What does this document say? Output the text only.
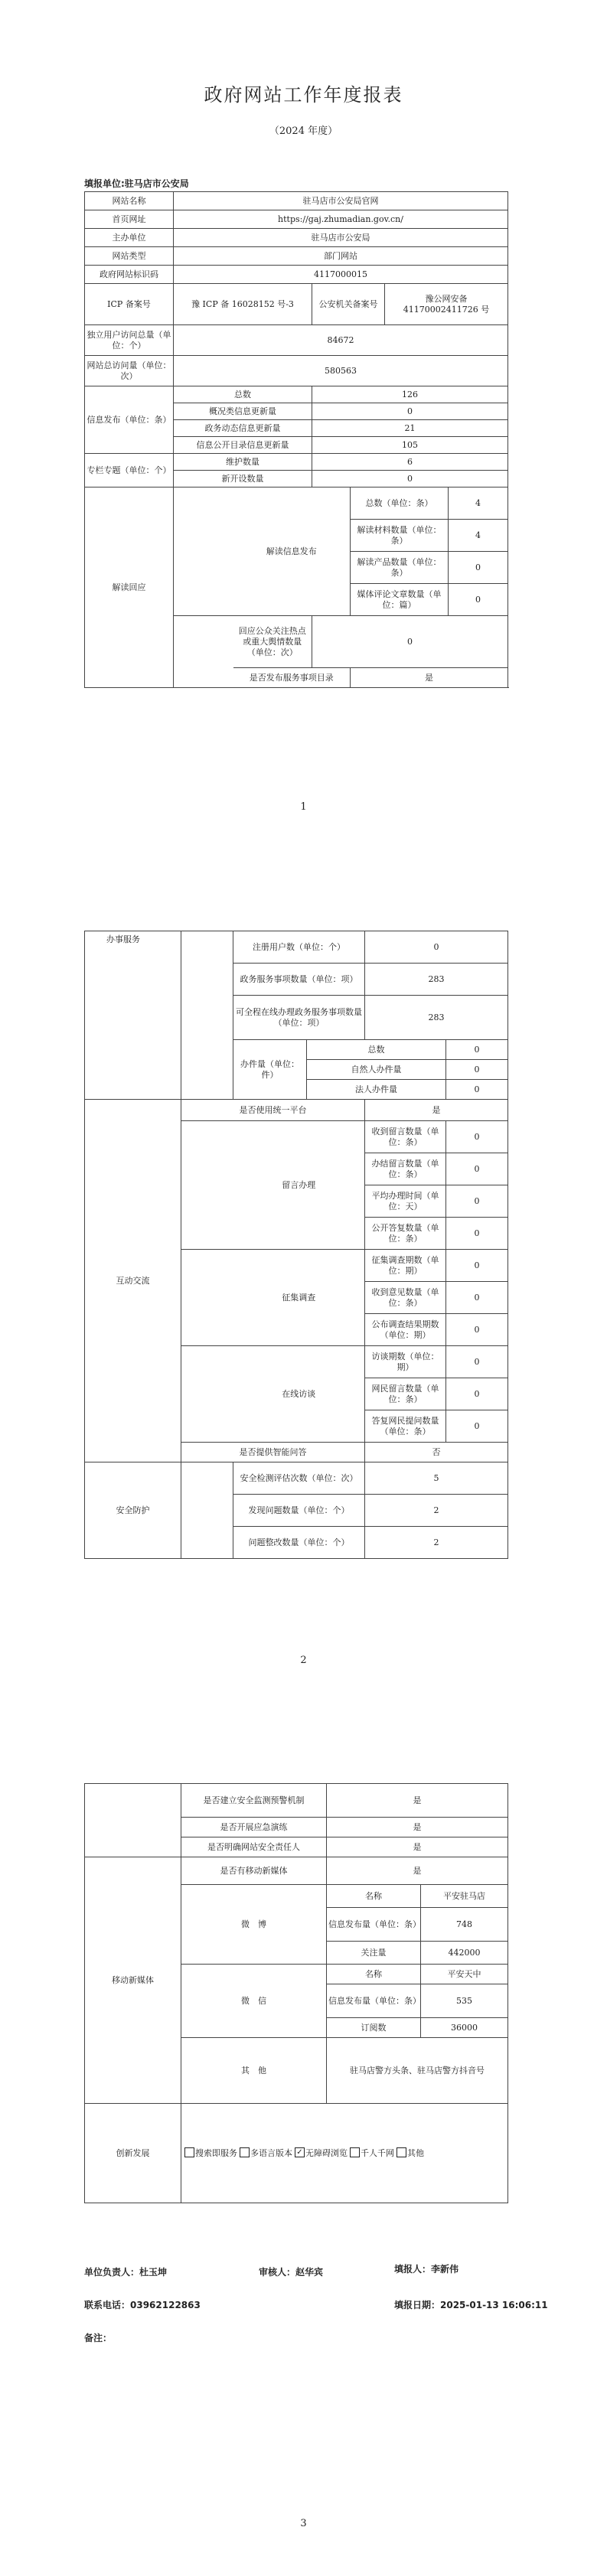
政府网站工作年度报表
（2024 年度）
填报单位:驻马店市公安局
网站名称	驻马店市公安局官网					
首页网址	https://gaj.zhumadian.gov.cn/					
主办单位	驻马店市公安局					
网站类型	部门网站					
政府网站标识码	4117000015					
ICP 备案号	豫 ICP 备 16028152 号-3		公安机关备案号		豫公网安备 41170002411726 号	
独立用户访问总量（单位：个）	84672					
网站总访问量（单位：次）	580563					
信息发布（单位：条）	总数		126			
	概况类信息更新量		0			
	政务动态信息更新量		21			
	信息公开目录信息更新量		105			
专栏专题（单位：个）	维护数量		6			
	新开设数量		0			
解读回应		解读信息发布		总数（单位：条）		4
				解读材料数量（单位：条）		4
				解读产品数量（单位：条）		0
				媒体评论文章数量（单位：篇）		0
		回应公众关注热点或重大舆情数量（单位：次）	0			
		是否发布服务事项目录		是		
1
办事服务		注册用户数（单位：个）		0	
		政务服务事项数量（单位：项）		283	
		可全程在线办理政务服务事项数量（单位：项）		283	
		办件量（单位：件）	总数		0
			自然人办件量		0
			法人办件量		0
互动交流	是否使用统一平台			是	
		留言办理		收到留言数量（单位：条）	0
				办结留言数量（单位：条）	0
				平均办理时间（单位：天）	0
				公开答复数量（单位：条）	0
		征集调查		征集调查期数（单位：期）	0
				收到意见数量（单位：条）	0
				公布调查结果期数（单位：期）	0
		在线访谈		访谈期数（单位：期）	0
				网民留言数量（单位：条）	0
				答复网民提问数量（单位：条）	0
	是否提供智能问答			否	
安全防护		安全检测评估次数（单位：次）		5	
		发现问题数量（单位：个）		2	
		问题整改数量（单位：个）		2	
2
	是否建立安全监测预警机制	是	
	是否开展应急演练	是	
	是否明确网站安全责任人	是	
移动新媒体	是否有移动新媒体	是	
	微　博	名称	平安驻马店
		信息发布量（单位：条）	748
		关注量	442000
	微　信	名称	平安天中
		信息发布量（单位：条）	535
		订阅数	36000
	其　他	驻马店警方头条、驻马店警方抖音号	
创新发展	搜索即服务 多语言版本 ✓ 无障碍浏览 千人千网 其他		
单位负责人：杜玉坤	审核人：赵华宾	填报人：李新伟
联系电话：03962122863	填报日期：2025-01-13 16:06:11
备注：
3
